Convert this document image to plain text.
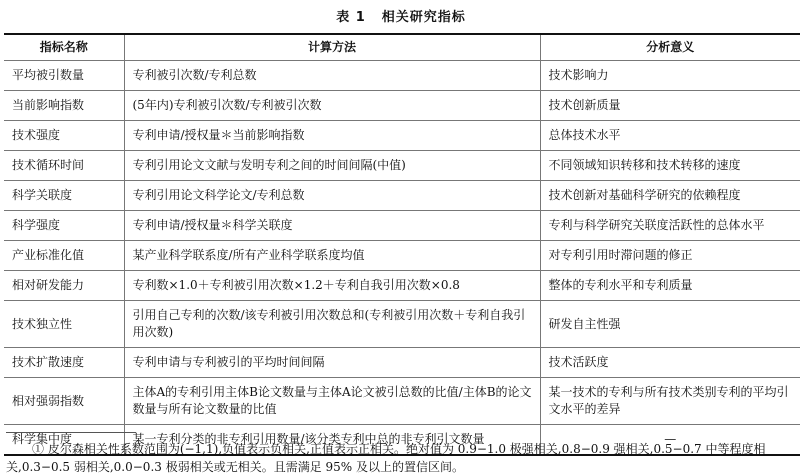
表 1 相关研究指标
指标名称	计算方法	分析意义
平均被引数量	专利被引次数/专利总数	技术影响力
当前影响指数	(5年内)专利被引次数/专利被引次数	技术创新质量
技术强度	专利申请/授权量＊当前影响指数	总体技术水平
技术循环时间	专利引用论文文献与发明专利之间的时间间隔(中值)	不同领域知识转移和技术转移的速度
科学关联度	专利引用论文科学论文/专利总数	技术创新对基础科学研究的依赖程度
科学强度	专利申请/授权量＊科学关联度	专利与科学研究关联度活跃性的总体水平
产业标准化值	某产业科学联系度/所有产业科学联系度均值	对专利引用时滞问题的修正
相对研发能力	专利数×1.0＋专利被引用次数×1.2＋专利自我引用次数×0.8	整体的专利水平和专利质量
技术独立性	引用自己专利的次数/该专利被引用次数总和(专利被引用次数＋专利自我引用次数)	研发自主性强
技术扩散速度	专利申请与专利被引的平均时间间隔	技术活跃度
相对强弱指数	主体A的专利引用主体B论文数量与主体A论文被引总数的比值/主体B的论文数量与所有论文数量的比值	某一技术的专利与所有技术类别专利的平均引文水平的差异
科学集中度	某一专利分类的非专利引用数量/该分类专利中总的非专利引文数量	—
① 皮尔森相关性系数范围为(−1,1),负值表示负相关,正值表示正相关。绝对值为 0.9−1.0 极强相关,0.8−0.9 强相关,0.5−0.7 中等程度相关,0.3−0.5 弱相关,0.0−0.3 极弱相关或无相关。且需满足 95% 及以上的置信区间。
